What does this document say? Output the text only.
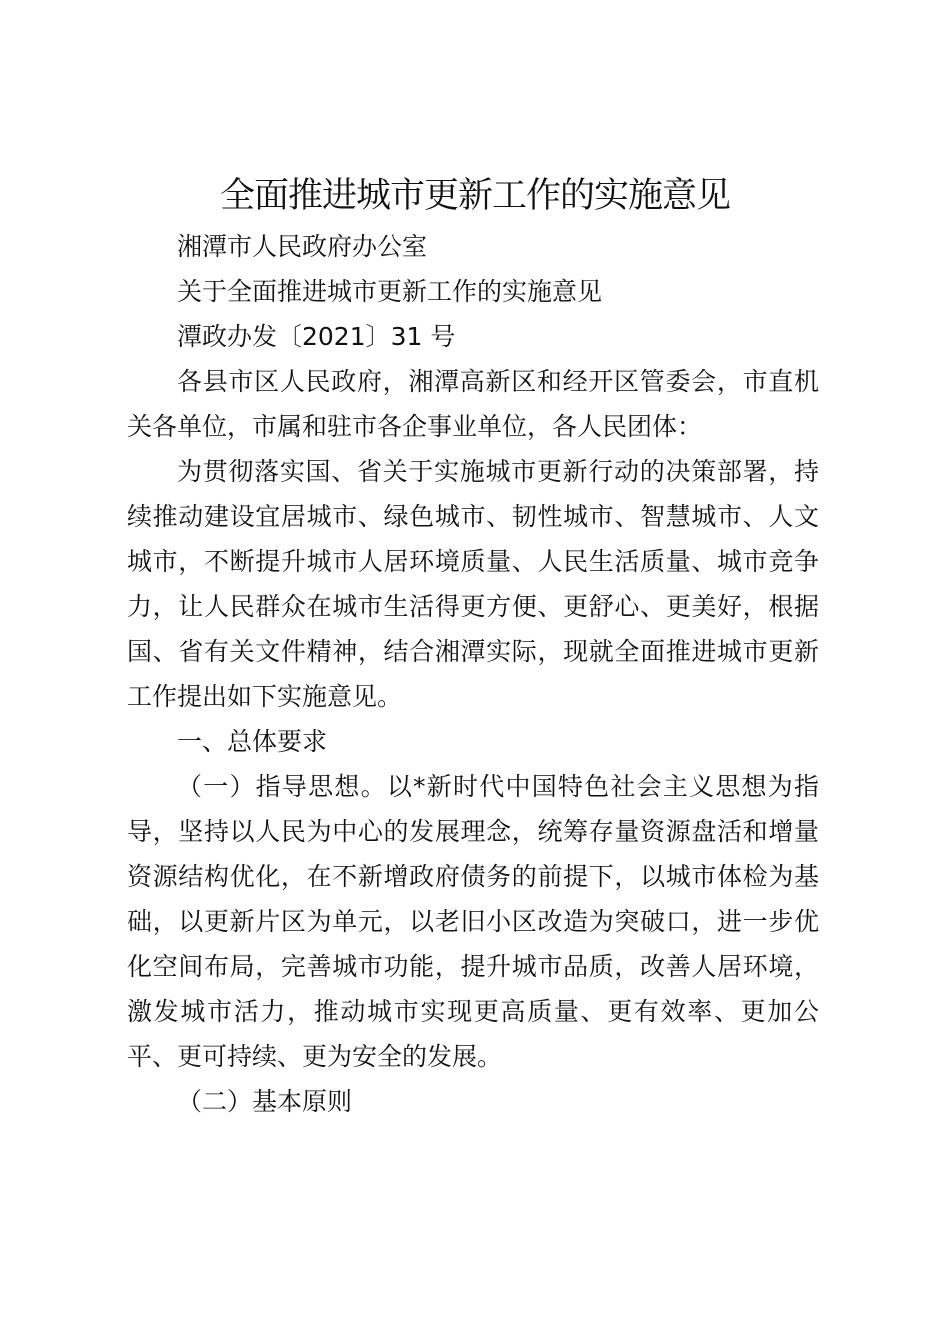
全面推进城市更新工作的实施意见

湘潭市人民政府办公室

关于全面推进城市更新工作的实施意见

潭政办发〔2021〕31 号

各县市区人民政府，湘潭高新区和经开区管委会，市直机关各单位，市属和驻市各企事业单位，各人民团体：

为贯彻落实国、省关于实施城市更新行动的决策部署，持续推动建设宜居城市、绿色城市、韧性城市、智慧城市、人文城市，不断提升城市人居环境质量、人民生活质量、城市竞争力，让人民群众在城市生活得更方便、更舒心、更美好，根据国、省有关文件精神，结合湘潭实际，现就全面推进城市更新工作提出如下实施意见。

一、总体要求

（一）指导思想。以*新时代中国特色社会主义思想为指导，坚持以人民为中心的发展理念，统筹存量资源盘活和增量资源结构优化，在不新增政府债务的前提下，以城市体检为基础，以更新片区为单元，以老旧小区改造为突破口，进一步优化空间布局，完善城市功能，提升城市品质，改善人居环境，激发城市活力，推动城市实现更高质量、更有效率、更加公平、更可持续、更为安全的发展。

（二）基本原则
